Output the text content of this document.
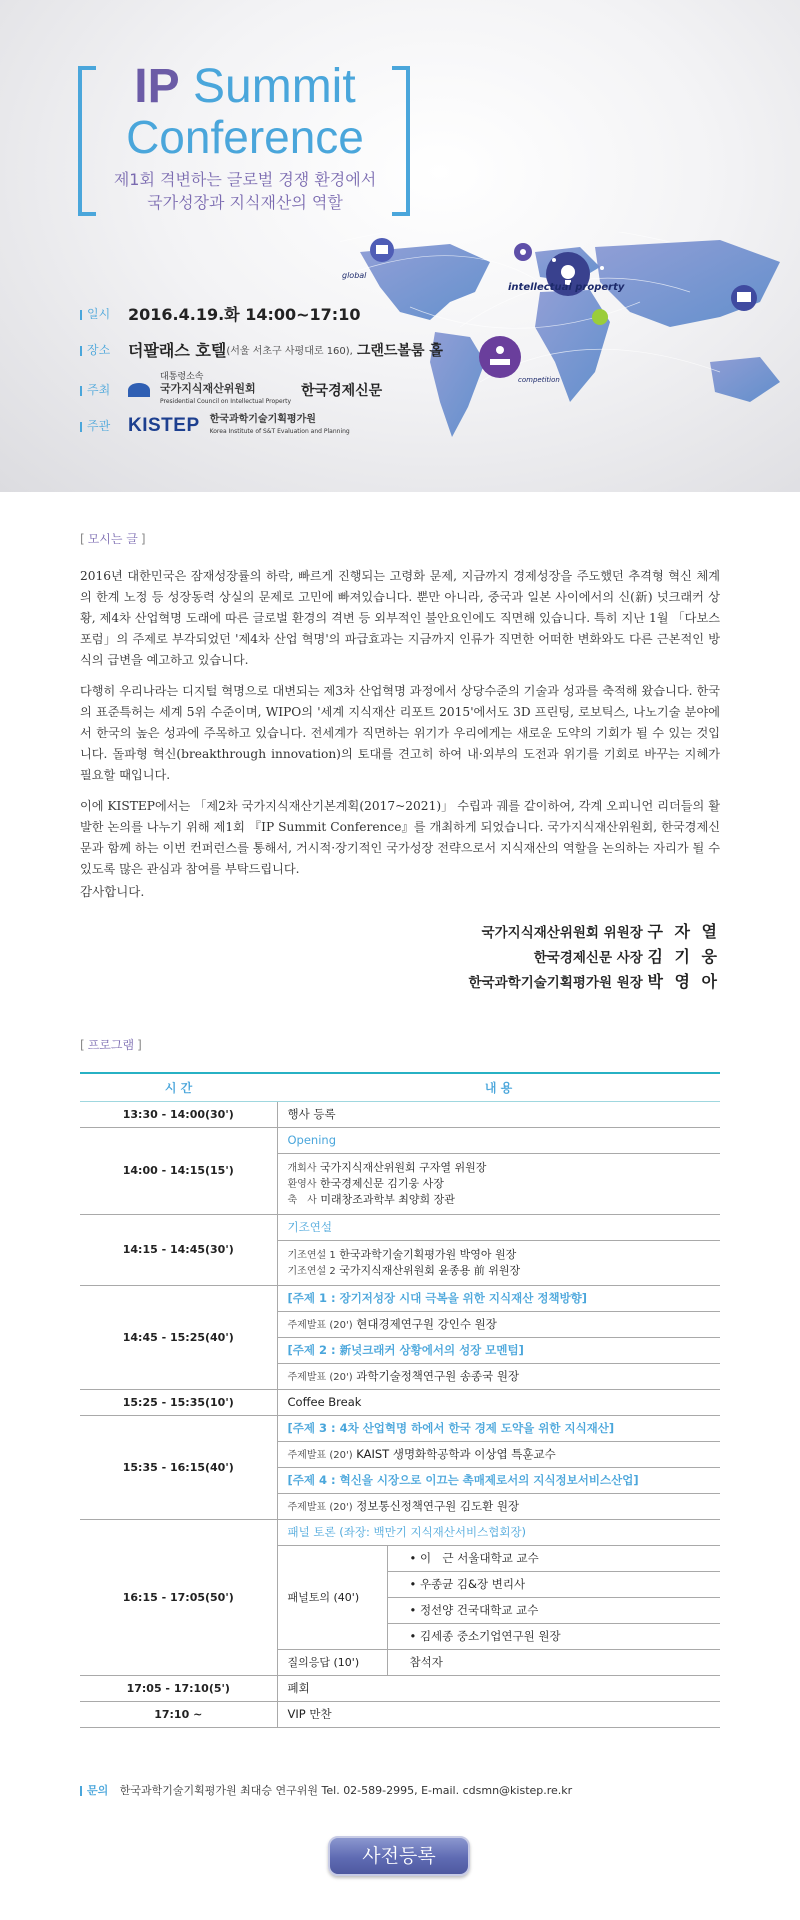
IP Summit
Conference
제1회 격변하는 글로벌 경쟁 환경에서
국가성장과 지식재산의 역할
global
intellectual property
competition
일시	2016.4.19.화 14:00~17:10
장소	더팔래스 호텔 (서울 서초구 사평대로 160), 그랜드볼룸 홀
주최
대통령소속
국가지식재산위원회
Presidential Council on Intellectual Property
한국경제신문
주관 KISTEP 한국과학기술기획평가원
Korea Institute of S&T Evaluation and Planning
[ 모시는 글 ]

2016년 대한민국은 잠재성장률의 하락, 빠르게 진행되는 고령화 문제, 지금까지 경제성장을 주도했던 추격형 혁신 체계의 한계 노정 등 성장동력 상실의 문제로 고민에 빠져있습니다. 뿐만 아니라, 중국과 일본 사이에서의 신(新) 넛크래커 상황, 제4차 산업혁명 도래에 따른 글로벌 환경의 격변 등 외부적인 불안요인에도 직면해 있습니다. 특히 지난 1월 「다보스 포럼」의 주제로 부각되었던 '제4차 산업 혁명'의 파급효과는 지금까지 인류가 직면한 어떠한 변화와도 다른 근본적인 방식의 급변을 예고하고 있습니다.

다행히 우리나라는 디지털 혁명으로 대변되는 제3차 산업혁명 과정에서 상당수준의 기술과 성과를 축적해 왔습니다. 한국의 표준특허는 세계 5위 수준이며, WIPO의 '세계 지식재산 리포트 2015'에서도 3D 프린팅, 로보틱스, 나노기술 분야에서 한국의 높은 성과에 주목하고 있습니다. 전세계가 직면하는 위기가 우리에게는 새로운 도약의 기회가 될 수 있는 것입니다. 돌파형 혁신(breakthrough innovation)의 토대를 견고히 하여 내·외부의 도전과 위기를 기회로 바꾸는 지혜가 필요할 때입니다.

이에 KISTEP에서는 「제2차 국가지식재산기본계획(2017~2021)」 수립과 궤를 같이하여, 각계 오피니언 리더들의 활발한 논의를 나누기 위해 제1회 『IP Summit Conference』를 개최하게 되었습니다. 국가지식재산위원회, 한국경제신문과 함께 하는 이번 컨퍼런스를 통해서, 거시적·장기적인 국가성장 전략으로서 지식재산의 역할을 논의하는 자리가 될 수 있도록 많은 관심과 참여를 부탁드립니다.

감사합니다.
국가지식재산위원회 위원장 구 자 열
한국경제신문 사장 김 기 웅
한국과학기술기획평가원 원장 박 영 아
[ 프로그램 ]
시 간	내 용	
13:30 - 14:00(30')	행사 등록	
14:00 - 14:15(15')	Opening	

	개회사 국가지식재산위원회 구자열 위원장
환영사 한국경제신문 김기웅 사장
축　사 미래창조과학부 최양희 장관	

14:15 - 14:45(30')	기조연설	

	기조연설 1 한국과학기술기획평가원 박영아 원장
기조연설 2 국가지식재산위원회 윤종용 前 위원장	

14:45 - 15:25(40')	[주제 1 : 장기저성장 시대 극복을 위한 지식재산 정책방향]	
	주제발표 (20') 현대경제연구원 강인수 원장	
	[주제 2 : 新넛크래커 상황에서의 성장 모멘텀]	
	주제발표 (20') 과학기술정책연구원 송종국 원장	
15:25 - 15:35(10')	Coffee Break	
15:35 - 16:15(40')	[주제 3 : 4차 산업혁명 하에서 한국 경제 도약을 위한 지식재산]	
	주제발표 (20') KAIST 생명화학공학과 이상엽 특훈교수	
	[주제 4 : 혁신을 시장으로 이끄는 촉매제로서의 지식정보서비스산업]	
	주제발표 (20') 정보통신정책연구원 김도환 원장	
16:15 - 17:05(50')	패널 토론 (좌장: 백만기 지식재산서비스협회장)	
	패널토의 (40')	• 이　근 서울대학교 교수
		• 우종균 김&장 변리사
		• 정선양 건국대학교 교수
		• 김세종 중소기업연구원 원장
	질의응답 (10')	참석자
17:05 - 17:10(5')	폐회	
17:10 ~	VIP 만찬	
문의 한국과학기술기획평가원 최대승 연구위원 Tel. 02-589-2995, E-mail. cdsmn@kistep.re.kr
사전등록
